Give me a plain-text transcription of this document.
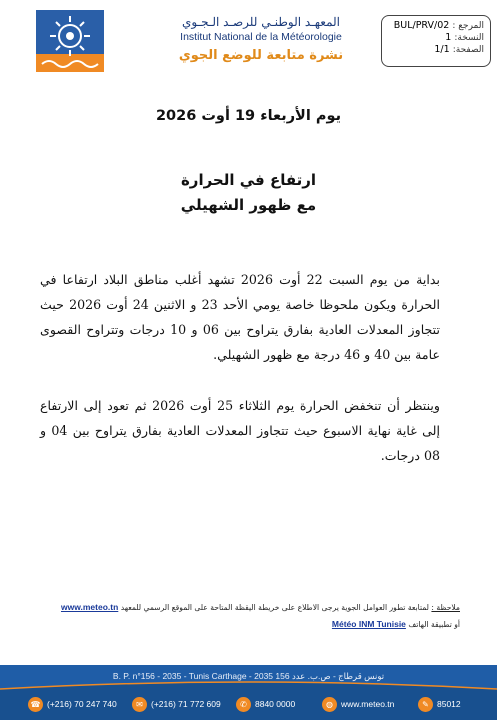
المرجع : BUL/PRV/02
النسخة: 1
الصفحة: 1/1
المعهـد الوطنـي للرصـد الـجـوي
Institut National de la Météorologie
نشرة متابعة للوضع الجوي
يوم الأربعاء 19 أوت 2026
ارتفاع في الحرارة
مع ظهور الشهيلي
بداية من يوم السبت 22 أوت 2026 تشهد أغلب مناطق البلاد ارتفاعا في الحرارة ويكون ملحوظا خاصة يومي الأحد 23 و الاثنين 24 أوت 2026 حيث تتجاوز المعدلات العادية بفارق يتراوح بين 06 و 10 درجات وتتراوح القصوى عامة بين 40 و 46 درجة مع ظهور الشهيلي.
وينتظر أن تنخفض الحرارة يوم الثلاثاء 25 أوت 2026 ثم تعود إلى الارتفاع إلى غاية نهاية الاسبوع حيث تتجاوز المعدلات العادية بفارق يتراوح بين 04 و 08 درجات.
ملاحظة : لمتابعة تطور العوامل الجوية يرجى الاطلاع على خريطة اليقظة المتاحة على الموقع الرسمي للمعهد www.meteo.tn
أو تطبيقة الهاتف Météo INM Tunisie
B. P. n°156 - 2035 - Tunis Carthage - 2035 تونس قرطاج - ص.ب. عدد 156
☎ (+216) 70 247 740	✉ (+216) 71 772 609	✆ 8840 0000	◍ www.meteo.tn	✎ 85012
